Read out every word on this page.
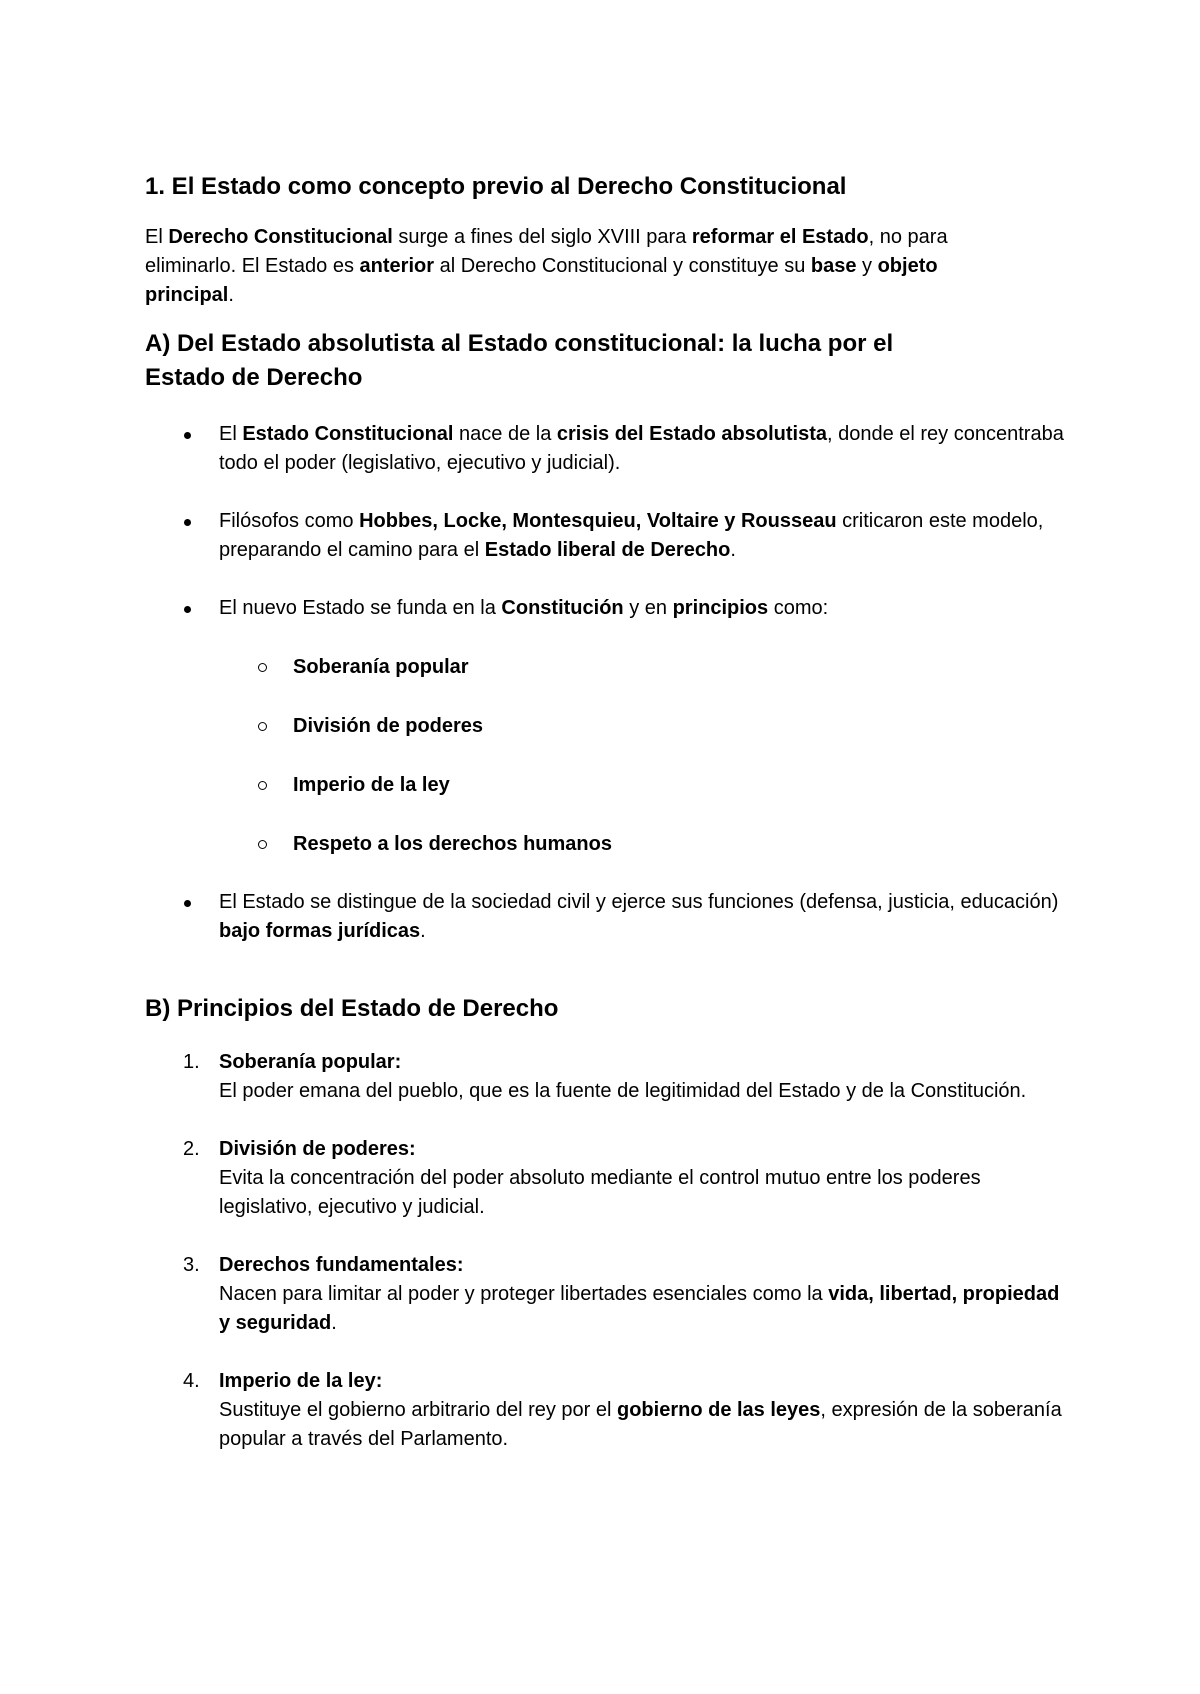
1. El Estado como concepto previo al Derecho Constitucional

El Derecho Constitucional surge a fines del siglo XVIII para reformar el Estado, no para eliminarlo. El Estado es anterior al Derecho Constitucional y constituye su base y objeto principal.

A) Del Estado absolutista al Estado constitucional: la lucha por el Estado de Derecho
El Estado Constitucional nace de la crisis del Estado absolutista, donde el rey concentraba todo el poder (legislativo, ejecutivo y judicial).
Filósofos como Hobbes, Locke, Montesquieu, Voltaire y Rousseau criticaron este modelo, preparando el camino para el Estado liberal de Derecho.
El nuevo Estado se funda en la Constitución y en principios como:
Soberanía popular
División de poderes
Imperio de la ley
Respeto a los derechos humanos
El Estado se distingue de la sociedad civil y ejerce sus funciones (defensa, justicia, educación) bajo formas jurídicas.
B) Principios del Estado de Derecho
1. Soberanía popular:
El poder emana del pueblo, que es la fuente de legitimidad del Estado y de la Constitución.
2. División de poderes:
Evita la concentración del poder absoluto mediante el control mutuo entre los poderes legislativo, ejecutivo y judicial.
3. Derechos fundamentales:
Nacen para limitar al poder y proteger libertades esenciales como la vida, libertad, propiedad y seguridad.
4. Imperio de la ley:
Sustituye el gobierno arbitrario del rey por el gobierno de las leyes, expresión de la soberanía popular a través del Parlamento.
